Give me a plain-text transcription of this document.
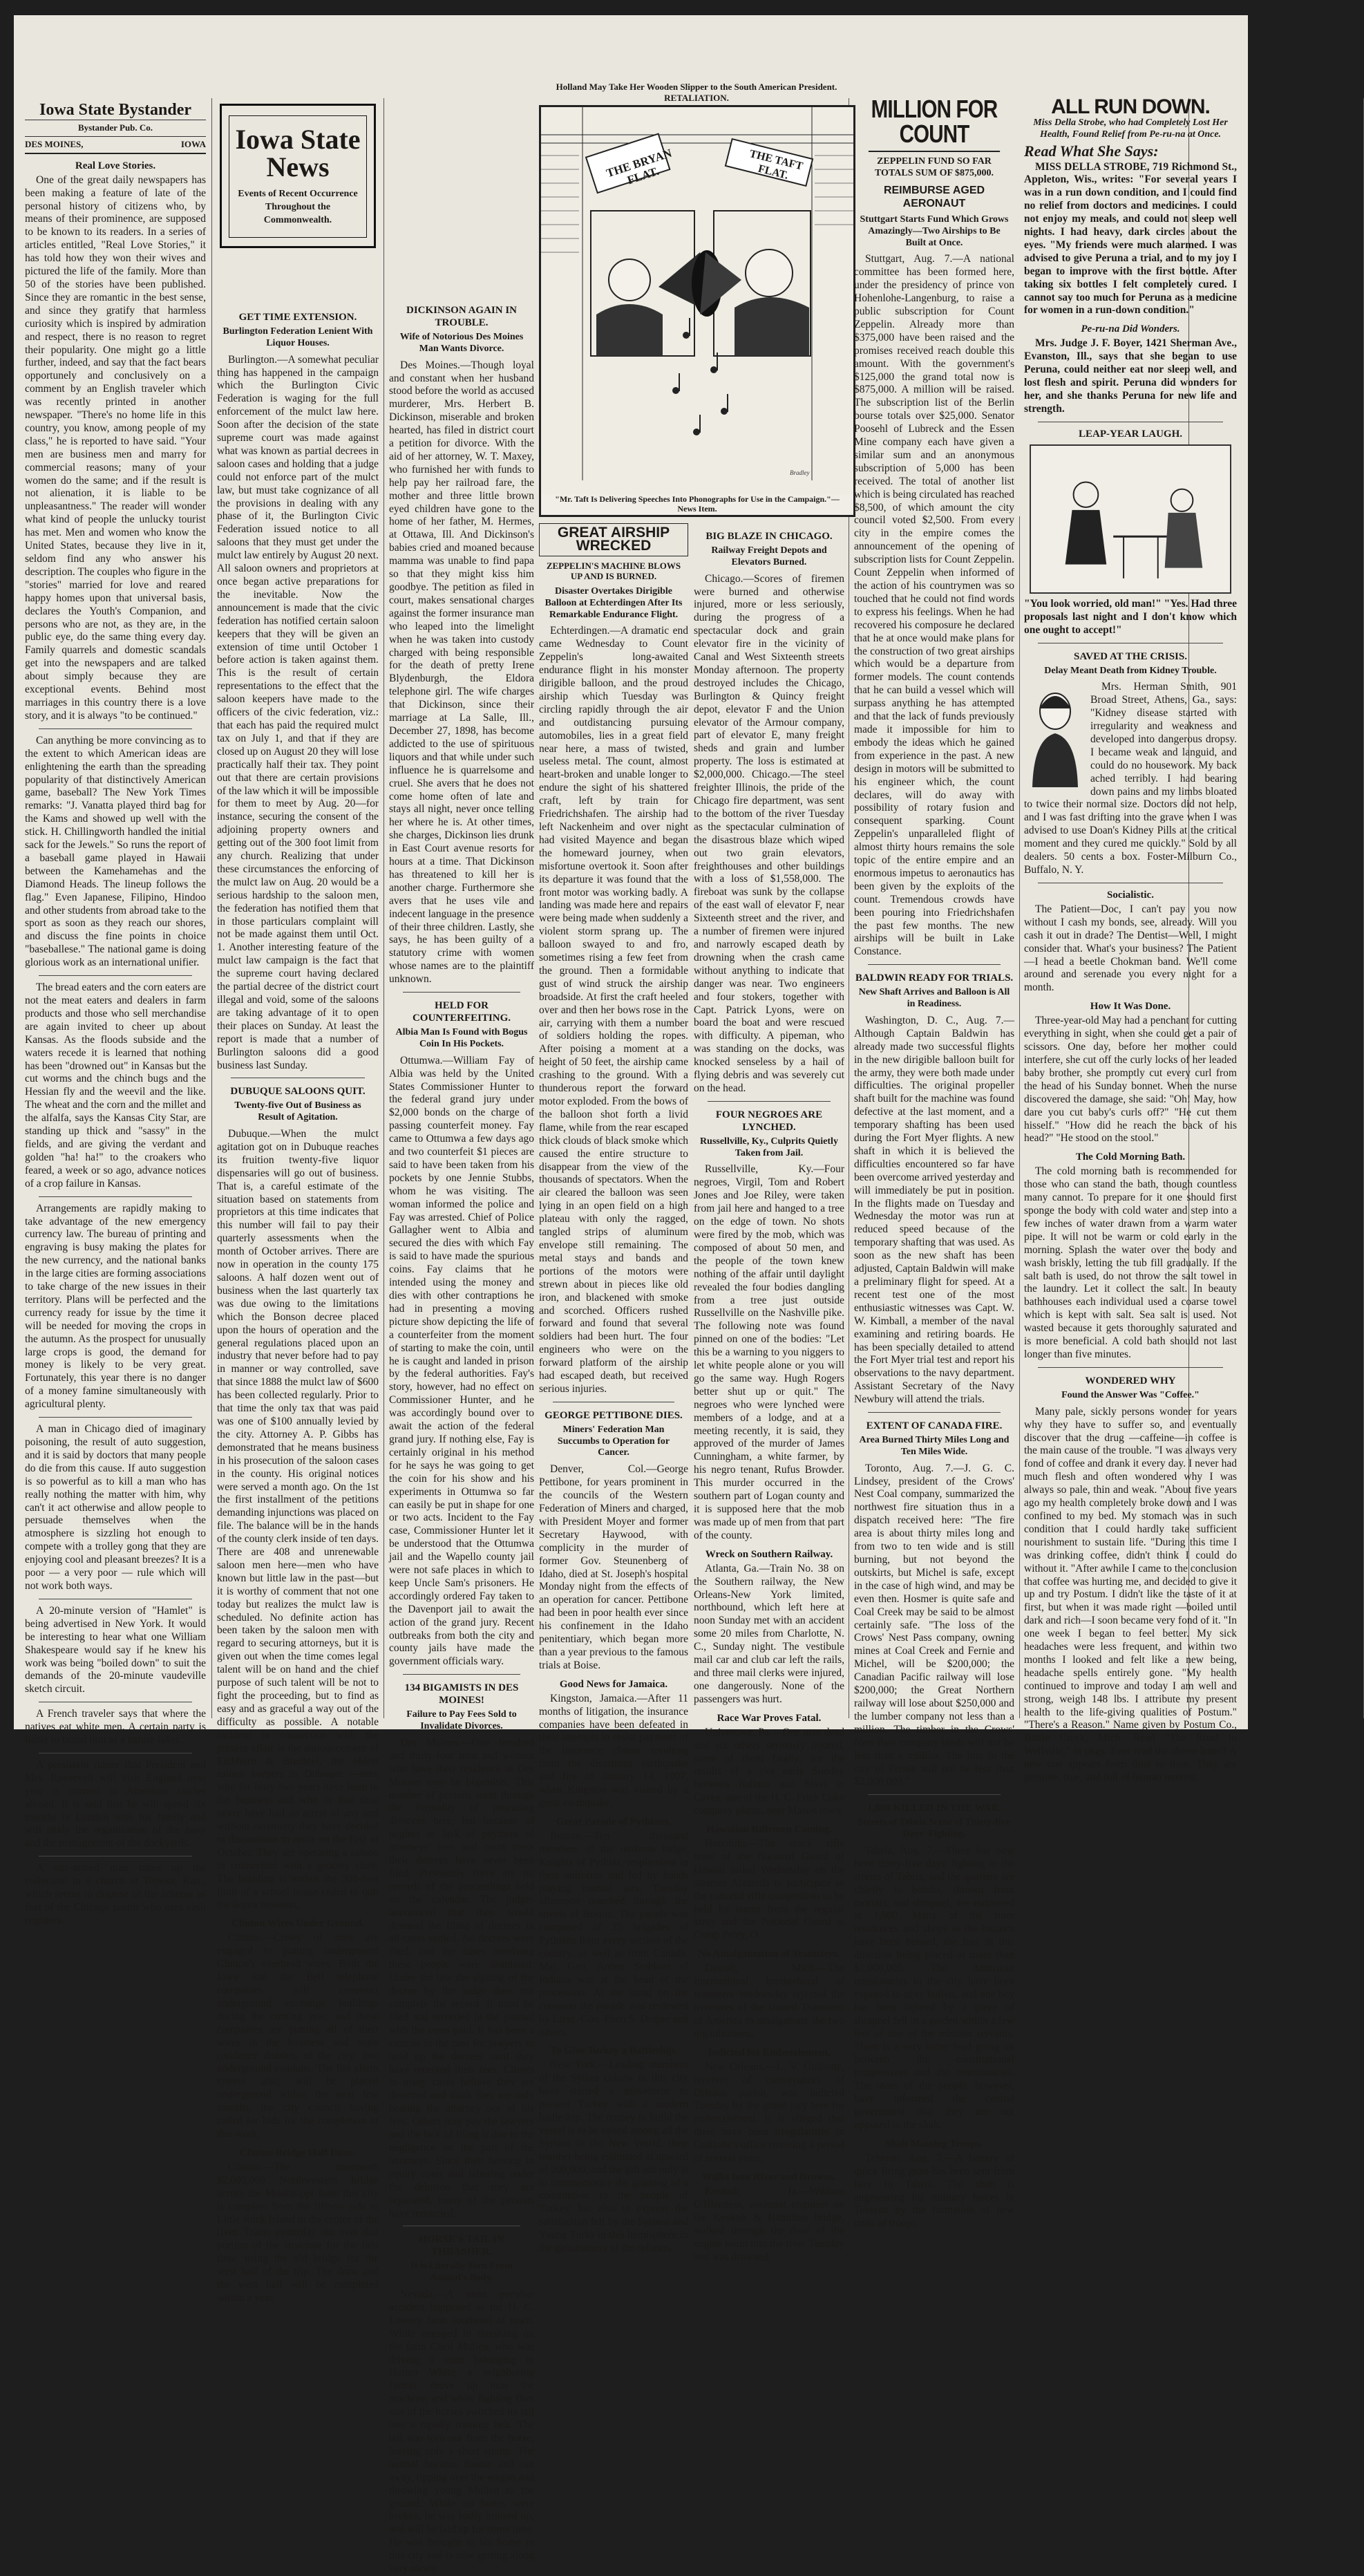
Iowa State Bystander
Bystander Pub. Co.
DES MOINES,	IOWA
Real Love Stories.

One of the great daily newspapers has been making a feature of late of the personal history of citizens who, by means of their prominence, are supposed to be known to its readers. In a series of articles entitled, "Real Love Stories," it has told how they won their wives and pictured the life of the family. More than 50 of the stories have been published. Since they are romantic in the best sense, and since they gratify that harmless curiosity which is inspired by admiration and respect, there is no reason to regret their popularity. One might go a little further, indeed, and say that the fact bears opportunely and conclusively on a comment by an English traveler which was recently printed in another newspaper. "There's no home life in this country, you know, among people of my class," he is reported to have said. "Your men are business men and marry for commercial reasons; many of your women do the same; and if the result is not alienation, it is liable to be unpleasantness." The reader will wonder what kind of people the unlucky tourist has met. Men and women who know the United States, because they live in it, seldom find any who answer his description. The couples who figure in the "stories" married for love and reared happy homes upon that universal basis, declares the Youth's Companion, and persons who are not, as they are, in the public eye, do the same thing every day. Family quarrels and domestic scandals get into the newspapers and are talked about simply because they are exceptional events. Behind most marriages in this country there is a love story, and it is always "to be continued."

Can anything be more convincing as to the extent to which American ideas are enlightening the earth than the spreading popularity of that distinctively American game, baseball? The New York Times remarks: "J. Vanatta played third bag for the Kams and showed up well with the stick. H. Chillingworth handled the initial sack for the Jewels." So runs the report of a baseball game played in Hawaii between the Kamehamehas and the Diamond Heads. The lineup follows the flag." Even Japanese, Filipino, Hindoo and other students from abroad take to the sport as soon as they reach our shores, and discuss the fine points in choice "baseballese." The national game is doing glorious work as an international unifier.

The bread eaters and the corn eaters are not the meat eaters and dealers in farm products and those who sell merchandise are again invited to cheer up about Kansas. As the floods subside and the waters recede it is learned that nothing has been "drowned out" in Kansas but the cut worms and the chinch bugs and the Hessian fly and the weevil and the like. The wheat and the corn and the millet and the alfalfa, says the Kansas City Star, are standing up thick and "sassy" in the fields, and are giving the verdant and golden "ha! ha!" to the croakers who feared, a week or so ago, advance notices of a crop failure in Kansas.

Arrangements are rapidly making to take advantage of the new emergency currency law. The bureau of printing and engraving is busy making the plates for the new currency, and the national banks in the large cities are forming associations to take charge of the new issues in their territory. Plans will be perfected and the currency ready for issue by the time it will be needed for moving the crops in the autumn. As the prospect for unusually large crops is good, the demand for money is likely to be very great. Fortunately, this year there is no danger of a money famine simultaneously with agricultural plenty.

A man in Chicago died of imaginary poisoning, the result of auto suggestion, and it is said by doctors that many people do die from this cause. If auto suggestion is so powerful as to kill a man who has really nothing the matter with him, why can't it act otherwise and allow people to persuade themselves when the atmosphere is sizzling hot enough to compete with a trolley gong that they are enjoying cool and pleasant breezes? It is a poor — a very poor — rule which will not work both ways.

A 20-minute version of "Hamlet" is being advertised in New York. It would be interesting to hear what one William Shakespeare would say if he knew his work was being "boiled down" to suit the demands of the 20-minute vaudeville sketch circuit.

A French traveler says that where the natives eat white men. A certain party is liable to brand him as a nature faker.

A persistent rumor that President and Mrs. Roosevelt will visit England next year is current in American circles abroad. It is said that he will spend six months in London with his family and will study the organization of the navy and the management of the dockyards.

A one-armed man takes up the collection in a church at Topeka, Kan., which seems to dispose of the scheme as that of the Chicago pastor who uses cash registers.

Iowa State News
Events of Recent Occurrence Throughout the Commonwealth.
GET TIME EXTENSION.
Burlington Federation Lenient With Liquor Houses.

Burlington.—A somewhat peculiar thing has happened in the campaign which the Burlington Civic Federation is waging for the full enforcement of the mulct law here. Soon after the decision of the state supreme court was made against what was known as partial decrees in saloon cases and holding that a judge could not enforce part of the mulct law, but must take cognizance of all the provisions in dealing with any phase of it, the Burlington Civic Federation issued notice to all saloons that they must get under the mulct law entirely by August 20 next. All saloon owners and proprietors at once began active preparations for the inevitable. Now the announcement is made that the civic federation has notified certain saloon keepers that they will be given an extension of time until October 1 before action is taken against them. This is the result of certain representations to the effect that the saloon keepers have made to the officers of the civic federation, viz.: that each has paid the required mulct tax on July 1, and that if they are closed up on August 20 they will lose practically half their tax. They point out that there are certain provisions of the law which it will be impossible for them to meet by Aug. 20—for instance, securing the consent of the adjoining property owners and getting out of the 300 foot limit from any church. Realizing that under these circumstances the enforcing of the mulct law on Aug. 20 would be a serious hardship to the saloon men, the federation has notified them that in those particulars complaint will not be made against them until Oct. 1. Another interesting feature of the mulct law campaign is the fact that the supreme court having declared the partial decree of the district court illegal and void, some of the saloons are taking advantage of it to open their places on Sunday. At least the report is made that a number of Burlington saloons did a good business last Sunday.

DUBUQUE SALOONS QUIT.
Twenty-five Out of Business as Result of Agitation.

Dubuque.—When the mulct agitation got on in Dubuque reaches its fruition twenty-five liquor dispensaries will go out of business. That is, a careful estimate of the situation based on statements from proprietors at this time indicates that this number will fail to pay their quarterly assessments when the month of October arrives. There are now in operation in the county 175 saloons. A half dozen went out of business when the last quarterly tax was due owing to the limitations which the Bonson decree placed upon the hours of operation and the general regulations placed upon an industry that never before had to pay in manner or way controlled, save that since 1888 the mulct law of $600 has been collected regularly. Prior to that time the only tax that was paid was one of $100 annually levied by the city. Attorney A. P. Gibbs has demonstrated that he means business in his prosecution of the saloon cases in the county. His original notices were served a month ago. On the 1st the first installment of the petitions demanding injunctions was placed on file. The balance will be in the hands of the county clerk inside of ten days. There are 408 and unrenewable saloon men here—men who have known but little law in the past—but it is worthy of comment that not one today but realizes the mulct law is scheduled. No definite action has been taken by the saloon men with regard to securing attorneys, but it is given out when the time comes legal talent will be on hand and the chief purpose of such talent will be not to fight the proceeding, but to find as easy and as graceful a way out of the difficulty as possible. A notable incident in connection with the present affair is the announcement of Eichhorn & Brechtel, the oldest saloon keepers in Dubuque —men who for forty-two years have been in the business and who in that time never have had an arrest of any and without ceremony they have decided to discontinue to retire on the first of October. They are operating a saloon in connection with a grocery store. The building is within the 300-foot limit of a school house ceded to quit the liquor business.

Clinton Wires Under Ground.

Clinton.—Crews of men are engaged in putting underground Clinton's overhead wires. Both the Iowa and the Bell telephone companies will construct underground exchange buildings during the coming year, and these companies are putting all of their wires in the business and main residence districts of the city, into underground conduits. The fire alarm system also, will be placed underground within the next few months, the city council having called for bids for the completion of this work.

Clinton Bridge Half Done.

Clinton.—The mammoth $2,000,000 Northwestern bridge across the Mississippi from this city is complete from the Illinois side to Little Rock Island in the center of the river. Trains yesterday ran over that portion of the structure for the first time, using the old bridge for the west half of the trip. The draw and the west half will be completed within a year.

DICKINSON AGAIN IN TROUBLE.
Wife of Notorious Des Moines Man Wants Divorce.

Des Moines.—Though loyal and constant when her husband stood before the world as accused murderer, Mrs. Herbert B. Dickinson, miserable and broken hearted, has filed in district court a petition for divorce. With the aid of her attorney, W. T. Maxey, who furnished her with funds to help pay her railroad fare, the mother and three little brown eyed children have gone to the home of her father, M. Hermes, at Ottawa, Ill. And Dickinson's babies cried and moaned because mamma was unable to find papa so that they might kiss him goodbye. The petition as filed in court, makes sensational charges against the former insurance man who leaped into the limelight when he was taken into custody charged with being responsible for the death of pretty Irene Blydenburgh, the Eldora telephone girl. The wife charges that Dickinson, since their marriage at La Salle, Ill., December 27, 1898, has become addicted to the use of spirituous liquors and that while under such influence he is quarrelsome and cruel. She avers that he does not come home often of late and stays all night, never once telling her where he is. At other times, she charges, Dickinson lies drunk in East Court avenue resorts for hours at a time. That Dickinson has threatened to kill her is another charge. Furthermore she avers that he uses vile and indecent language in the presence of their three children. Lastly, she says, he has been guilty of a statutory crime with women whose names are to the plaintiff unknown.

HELD FOR COUNTERFEITING.
Albia Man Is Found with Bogus Coin In His Pockets.

Ottumwa.—William Fay of Albia was held by the United States Commissioner Hunter to the federal grand jury under $2,000 bonds on the charge of passing counterfeit money. Fay came to Ottumwa a few days ago and two counterfeit $1 pieces are said to have been taken from his pockets by one Jennie Stubbs, whom he was visiting. The woman informed the police and Fay was arrested. Chief of Police Gallagher went to Albia and secured the dies with which Fay is said to have made the spurious coins. Fay claims that he intended using the money and dies with other contraptions he had in presenting a moving picture show depicting the life of a counterfeiter from the moment of starting to make the coin, until he is caught and landed in prison by the federal authorities. Fay's story, however, had no effect on Commissioner Hunter, and he was accordingly bound over to await the action of the federal grand jury. If nothing else, Fay is certainly original in his method for he says he was going to get the coin for his show and his experiments in Ottumwa so far can easily be put in shape for one or two acts. Incident to the Fay case, Commissioner Hunter let it be understood that the Ottumwa jail and the Wapello county jail were not safe places in which to keep Uncle Sam's prisoners. He accordingly ordered Fay taken to the Davenport jail to await the action of the grand jury. Recent outbreaks from both the city and county jails have made the government officials wary.

134 BIGAMISTS IN DES MOINES!
Failure to Pay Fees Sold to Invalidate Divorces.

Des Moines.—One hundred and thirty-four men and women who have their residence in Des Moines may be bigamists. This number of persons went through the formality of procuring divorces here, but because of neglect or lack of payment of attorneys' fees and court costs their decrees have never been filed. Previously there are no records of the proceedings held on the calendar. The judges announced that they would demand the filing of decrees in all cases settled. No decrees were filed, and the cases involving these people were dismissed. Under the law the signing of the decree by the judge does not complete the record. It must be filed and recorded in the journal with the costs paid. It has been a custom in the past for lawyers to hold up the decrees until they have received their fees. Clients in many cases believe they are divorced and think they are only beating the attorney out of his fees. Others may pay the lawyers and the lack of filing is due to the negligence on the part of the attorneys. Since their hearing in equity court and laboring under the delusion that they are separated, many of the persons have remarried.

HORSE'S TAIL IN THRASHER.
It is Literally Torn From Animal's Body.

Nevada.—A most peculiar accident happened at the H. C. Lowery farm southeast of town. While engaged in threshing on the farm Cecil Mullen, who was driving a team belonging to Homer White, a neighboring farmer drove up near the machine, and while fighting flies one of the horses switched its tail into a rapidly running belt. The tail was torn out from the horse, leaving only a short stump. The animal became frantic and ran away, tipping over the wagon and throwing young Mullen to the ground. While no bones were broken, he was badly bruised up, and will be laid up for some time. He was brought to his home in this city and is now getting along very nicely.

Holland May Take Her Wooden Slipper to the South American President.
RETALIATION.
Bradley
THE BRYAN FLAT.
THE TAFT FLAT.
"Mr. Taft Is Delivering Speeches Into Phonographs for Use in the Campaign."—News Item.
GREAT AIRSHIP WRECKED
ZEPPELIN'S MACHINE BLOWS UP AND IS BURNED.
Disaster Overtakes Dirigible Balloon at Echterdingen After Its Remarkable Endurance Flight.

Echterdingen.—A dramatic end came Wednesday to Count Zeppelin's long-awaited endurance flight in his monster dirigible balloon, and the proud airship which Tuesday was circling rapidly through the air and outdistancing pursuing automobiles, lies in a great field near here, a mass of twisted, useless metal. The count, almost heart-broken and unable longer to endure the sight of his shattered craft, left by train for Friedrichshafen. The airship had left Nackenheim and over night had visited Mayence and began the homeward journey, when misfortune overtook it. Soon after its departure it was found that the front motor was working badly. A landing was made here and repairs were being made when suddenly a violent storm sprang up. The balloon swayed to and fro, sometimes rising a few feet from the ground. Then a formidable gust of wind struck the airship broadside. At first the craft heeled over and then her bows rose in the air, carrying with them a number of soldiers holding the ropes. After poising a moment at a height of 50 feet, the airship came crashing to the ground. With a thunderous report the forward motor exploded. From the bows of the balloon shot forth a livid flame, while from the rear escaped thick clouds of black smoke which caused the entire structure to disappear from the view of the thousands of spectators. When the air cleared the balloon was seen lying in an open field on a high plateau with only the ragged, tangled strips of aluminum envelope still remaining. The metal stays and bands and portions of the motors were strewn about in pieces like old iron, and blackened with smoke and scorched. Officers rushed forward and found that several soldiers had been hurt. The four engineers who were on the forward platform of the airship had escaped death, but received serious injuries.

GEORGE PETTIBONE DIES.
Miners' Federation Man Succumbs to Operation for Cancer.

Denver, Col.—George Pettibone, for years prominent in the councils of the Western Federation of Miners and charged, with President Moyer and former Secretary Haywood, with complicity in the murder of former Gov. Steunenberg of Idaho, died at St. Joseph's hospital Monday night from the effects of an operation for cancer. Pettibone had been in poor health ever since his confinement in the Idaho penitentiary, which began more than a year previous to the famous trials at Boise.

Good News for Jamaica.

Kingston, Jamaica.—After 11 months of litigation, the insurance companies have been defeated in their attempts to resist payment of the insurance claims resulting from the disastrous earthquake and fire of January 14, 1907, when Kingston was visited by a great earthquake.

Great Parade of Pythians.

Boston.—Ten thousand members of the uniform lodge, Knights of Pythias, resplendent in their uniforms and led by bands playing martial airs, Tuesday afternoon marched through the streets of Boston. The parade was composed of 25 brigades of Pythians from every section of the country, as well as from Canada. Maj. Gen. Arthur Stobbart of Indiana was at the head of the procession. At the stand on the common the parade was reviewed by Lieut. Gov. Eben S. Draper and others.

To Give Turkey a Battleship.

New York.—Leading members of the Syrian colony in this city have started a movement to present Turkey with a modern battleship. The money to build the vessel is to be raised among all the Syrians in the New World, their number being estimated at upward of 200,000, and the gift not only is to commemorate the granting of a constitution to the people of Turkey, but also to express the satisfaction felt by the Syrians and Young Turks in this hemisphere in the genuineness of the reforms.

BIG BLAZE IN CHICAGO.
Railway Freight Depots and Elevators Burned.

Chicago.—Scores of firemen were burned and otherwise injured, more or less seriously, during the progress of a spectacular dock and grain elevator fire in the vicinity of Canal and West Sixteenth streets Monday afternoon. The property destroyed includes the Chicago, Burlington & Quincy freight depot, elevator F and the Union elevator of the Armour company, part of elevator E, many freight sheds and grain and lumber property. The loss is estimated at $2,000,000. Chicago.—The steel freighter Illinois, the pride of the Chicago fire department, was sent to the bottom of the river Tuesday as the spectacular culmination of the disastrous blaze which wiped out two grain elevators, freighthouses and other buildings with a loss of $1,558,000. The fireboat was sunk by the collapse of the east wall of elevator F, near Sixteenth street and the river, and a number of firemen were injured and narrowly escaped death by drowning when the crash came without anything to indicate that danger was near. Two engineers and four stokers, together with Capt. Patrick Lyons, were on board the boat and were rescued with difficulty. A pipeman, who was standing on the docks, was knocked senseless by a hail of flying debris and was severely cut on the head.

FOUR NEGROES ARE LYNCHED.
Russellville, Ky., Culprits Quietly Taken from Jail.

Russellville, Ky.—Four negroes, Virgil, Tom and Robert Jones and Joe Riley, were taken from jail here and hanged to a tree on the edge of town. No shots were fired by the mob, which was composed of about 50 men, and the people of the town knew nothing of the affair until daylight revealed the four bodies dangling from a tree just outside Russellville on the Nashville pike. The following note was found pinned on one of the bodies: "Let this be a warning to you niggers to let white people alone or you will go the same way. Hugh Rogers better shut up or quit." The negroes who were lynched were members of a lodge, and at a meeting recently, it is said, they approved of the murder of James Cunningham, a white farmer, by his negro tenant, Rufus Browder. This murder occurred in the southern part of Logan county and it is supposed here that the mob was made up of men from that part of the county.

Wreck on Southern Railway.

Atlanta, Ga.—Train No. 38 on the Southern railway, the New Orleans-New York limited, northbound, which left here at noon Sunday met with an accident some 20 miles from Charlotte, N. C., Sunday night. The vestibule mail car and club car left the rails, and three mail clerks were injured, one dangerously. None of the passengers was hurt.

Race War Proves Fatal.

Uniontown, Pa.—One man dead and six others seriously injured, some of them fatally, are the results of a riot early Sunday between Italians and Slavs at Caves, one of the H. C. Frick Coke company plants, near Mason town.

Hawaiian Riflemen Coming.

Honolulu.—The crack rifle team of the National Guard of Hawaii sailed Wednesday on the steamer Alameda to participate in the national rifle competition to be held by teams from the regular army and the National Guard at Camp Perry, O.

No Amalgamation of Teamsters.

Detroit, Mich.—The International brotherhood of teamsters Wednesday rejected the overtures of the United Teamsters of America to amalgamate the two organizations.

Indicted for Embezzlement.

New Orleans.—L. V. Guillotte, receiver of conveyances of Orleans parish, was indicted Tuesday by the grand jury here for embezzlement. It is alleged that there have been irregularities in Guillotte's office covering a period of several years.

Walks Into River and Drowns.

Keokuk, Ia.—William O'Blenness, assistant engineer on the Keokuk & Hamilton bridge, walked through the door of the engine room into the river Tuesday and was drowned.

MILLION FOR COUNT
ZEPPELIN FUND SO FAR TOTALS SUM OF $875,000.
REIMBURSE AGED AERONAUT
Stuttgart Starts Fund Which Grows Amazingly—Two Airships to Be Built at Once.

Stuttgart, Aug. 7.—A national committee has been formed here, under the presidency of prince von Hohenlohe-Langenburg, to raise a public subscription for Count Zeppelin. Already more than $375,000 have been raised and the promises received reach double this amount. With the government's $125,000 the grand total now is $875,000. A million will be raised. The subscription list of the Berlin bourse totals over $25,000. Senator Poosehl of Lubreck and the Essen Mine company each have given a similar sum and an anonymous subscription of 5,000 has been received. The total of another list which is being circulated has reached $8,500, of which amount the city council voted $2,500. From every city in the empire comes the announcement of the opening of subscription lists for Count Zeppelin. Count Zeppelin when informed of the action of his countrymen was so touched that he could not find words to express his feelings. When he had recovered his composure he declared that he at once would make plans for the construction of two great airships which would be a departure from former models. The count contends that he can build a vessel which will surpass anything he has attempted and that the lack of funds previously made it impossible for him to embody the ideas which he gained from experience in the past. A new design in motors will be submitted to his engineer which, the count declares, will do away with possibility of rotary fusion and consequent sparking. Count Zeppelin's unparalleled flight of almost thirty hours remains the sole topic of the entire empire and an enormous impetus to aeronautics has been given by the exploits of the count. Tremendous crowds have been pouring into Friedrichshafen the past few months. The new airships will be built in Lake Constance.

BALDWIN READY FOR TRIALS.
New Shaft Arrives and Balloon is All in Readiness.

Washington, D. C., Aug. 7.—Although Captain Baldwin has already made two successful flights in the new dirigible balloon built for the army, they were both made under difficulties. The original propeller shaft built for the machine was found defective at the last moment, and a temporary shafting has been used during the Fort Myer flights. A new shaft in which it is believed the difficulties encountered so far have been overcome arrived yesterday and will immediately be put in position. In the flights made on Tuesday and Wednesday the motor was run at reduced speed because of the temporary shafting that was used. As soon as the new shaft has been adjusted, Captain Baldwin will make a preliminary flight for speed. At a recent test one of the most enthusiastic witnesses was Capt. W. W. Kimball, a member of the naval examining and retiring boards. He has been specially detailed to attend the Fort Myer trial test and report his observations to the navy department. Assistant Secretary of the Navy Newbury will attend the trials.

EXTENT OF CANADA FIRE.
Area Burned Thirty Miles Long and Ten Miles Wide.

Toronto, Aug. 7.—J. G. C. Lindsey, president of the Crows' Nest Coal company, summarized the northwest fire situation thus in a dispatch received here: "The fire area is about thirty miles long and from two to ten wide and is still burning, but not beyond the outskirts, but Michel is safe, except in the case of high wind, and may be even then. Hosmer is quite safe and Coal Creek may be said to be almost certainly safe. "The loss of the Crows' Nest Pass company, owning mines at Coal Creek and Fernie and Michel, will be $200,000; the Canadian Pacific railway will lose $200,000; the Great Northern railway will lose about $250,000 and the lumber company not less than a million. The timber in the Crows' Nest Pass company lands will not be less than a million. The loss to the city of Fernie will not be less than $2,000,000."

1,800 KILLED IN THE WAR.
Streets of Tabriz Scene of Thirty-five Days' Fighting.

Tabriz, Aug. 7.—There has now been thirty-five days' fighting in the streets of Tabriz, and the quarters are chiefly to bombs, thrown from mortars, and shrapnel, are estimated at 1,800. Many of the finer residences and shops in the bazaars have been burned, the loss in this direction being placed at more than $1,000,000. The American missionaries in the city have been exposed to stray bullets, and one boy has been injured by a piece of shrapnel fell in a garden within a few feet of one of the mission servants. There is a very bitter feud going on between the constitutional progressives and the reactionaries. The mass of the people, however, have informed the central government that they are not opposed to the shah.

Shah Massing Troops.

Teheran, Aug. 7.—A battery of quick firing guns has been sent from here to Tabriz. The shah is augmenting his military forces in Teheran by the formation of new units of troops.

ALL RUN DOWN.
Miss Della Strobe, who had Completely Lost Her Health, Found Relief from Pe-ru-na at Once.
Read What She Says:

MISS DELLA STROBE, 719 Richmond St., Appleton, Wis., writes: "For several years I was in a run down condition, and I could find no relief from doctors and medicines. I could not enjoy my meals, and could not sleep well nights. I had heavy, dark circles about the eyes. "My friends were much alarmed. I was advised to give Peruna a trial, and to my joy I began to improve with the first bottle. After taking six bottles I felt completely cured. I cannot say too much for Peruna as a medicine for women in a run-down condition."

Pe-ru-na Did Wonders.

Mrs. Judge J. F. Boyer, 1421 Sherman Ave., Evanston, Ill., says that she began to use Peruna, could neither eat nor sleep well, and lost flesh and spirit. Peruna did wonders for her, and she thanks Peruna for new life and strength.

LEAP-YEAR LAUGH.

"You look worried, old man!" "Yes. Had three proposals last night and I don't know which one ought to accept!"

SAVED AT THE CRISIS.
Delay Meant Death from Kidney Trouble.

Mrs. Herman Smith, 901 Broad Street, Athens, Ga., says: "Kidney disease started with irregularity and weakness and developed into dangerous dropsy. I became weak and languid, and could do no housework. My back ached terribly. I had bearing down pains and my limbs bloated to twice their normal size. Doctors did not help, and I was fast drifting into the grave when I was advised to use Doan's Kidney Pills at the critical moment and they cured me quickly." Sold by all dealers. 50 cents a box. Foster-Milburn Co., Buffalo, N. Y.

Socialistic.

The Patient—Doc, I can't pay you now without I cash my bonds, see, already. Will you cash it out in drade? The Dentist—Well, I might consider that. What's your business? The Patient—I head a beetle Chokman band. We'll come around and serenade you every night for a month.

How It Was Done.

Three-year-old May had a penchant for cutting everything in sight, when she could get a pair of scissors. One day, before her mother could interfere, she cut off the curly locks of her leaded baby brother, she promptly cut every curl from the head of his Sunday bonnet. When the nurse discovered the damage, she said: "Oh! May, how dare you cut baby's curls off?" "He cut them hisself." "How did he reach the back of his head?" "He stood on the stool."

The Cold Morning Bath.

The cold morning bath is recommended for those who can stand the bath, though countless many cannot. To prepare for it one should first sponge the body with cold water and step into a few inches of water drawn from a warm water pipe. It will not be warm or cold early in the morning. Splash the water over the body and wash briskly, letting the tub fill gradually. If the salt bath is used, do not throw the salt towel in the laundry. Let it collect the salt. In beauty bathhouses each individual used a coarse towel which is kept with salt. Sea salt is used. Not wasted because it gets thoroughly saturated and is more beneficial. A cold bath should not last longer than five minutes.

WONDERED WHY
Found the Answer Was "Coffee."

Many pale, sickly persons wonder for years why they have to suffer so, and eventually discover that the drug —caffeine—in coffee is the main cause of the trouble. "I was always very fond of coffee and drank it every day. I never had much flesh and often wondered why I was always so pale, thin and weak. "About five years ago my health completely broke down and I was confined to my bed. My stomach was in such condition that I could hardly take sufficient nourishment to sustain life. "During this time I was drinking coffee, didn't think I could do without it. "After awhile I came to the conclusion that coffee was hurting me, and decided to give it up and try Postum. I didn't like the taste of it at first, but when it was made right —boiled until dark and rich—I soon became very fond of it. "In one week I began to feel better. My sick headaches were less frequent, and within two months I looked and felt like a new being, headache spells entirely gone. "My health continued to improve and today I am well and strong, weigh 148 lbs. I attribute my present health to the life-giving qualities of Postum." "There's a Reason." Name given by Postum Co., Battle Creek, Mich. Read "The Road to Wellville," in pkgs. Ever read the above letter? A new one appears from time to time. They are genuine, true, and full of human interest.
